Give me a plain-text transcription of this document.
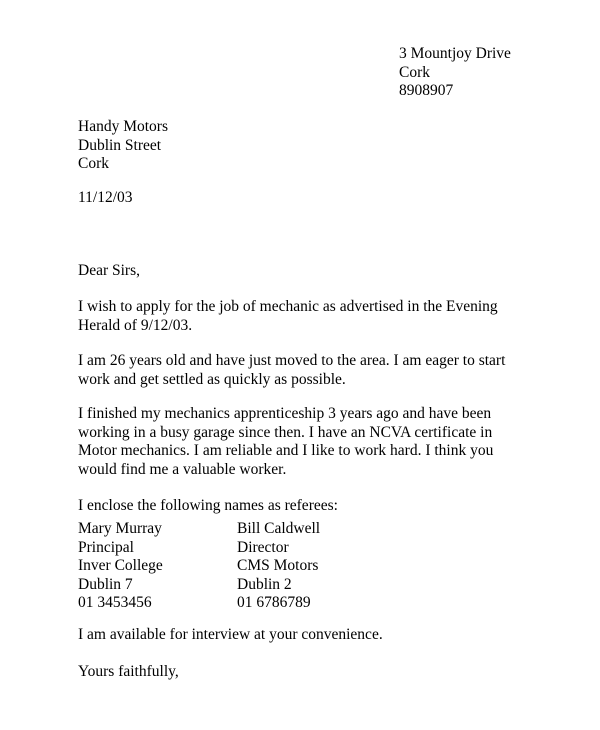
3 Mountjoy Drive
Cork
8908907
Handy Motors
Dublin Street
Cork
11/12/03
Dear Sirs,
I wish to apply for the job of mechanic as advertised in the Evening
Herald of 9/12/03.
I am 26 years old and have just moved to the area. I am eager to start
work and get settled as quickly as possible.
I finished my mechanics apprenticeship 3 years ago and have been
working in a busy garage since then. I have an NCVA certificate in
Motor mechanics. I am reliable and I like to work hard. I think you
would find me a valuable worker.
I enclose the following names as referees:
Mary Murray
Principal
Inver College
Dublin 7
01 3453456
Bill Caldwell
Director
CMS Motors
Dublin 2
01 6786789
I am available for interview at your convenience.
Yours faithfully,
